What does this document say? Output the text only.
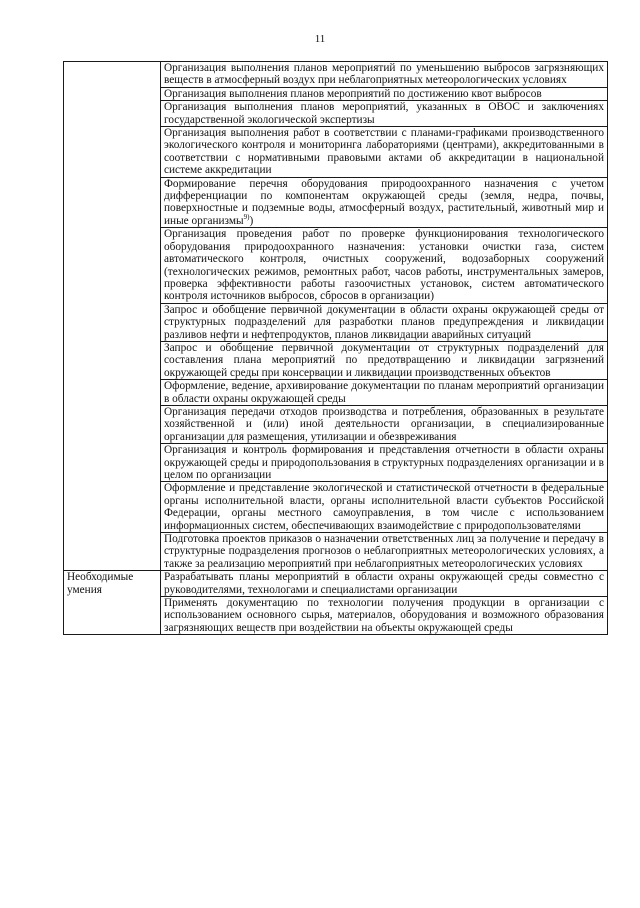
11
	Организация выполнения планов мероприятий по уменьшению выбросов загрязняющих веществ в атмосферный воздух при неблагоприятных метеорологических условиях
	Организация выполнения планов мероприятий по достижению квот выбросов
	Организация выполнения планов мероприятий, указанных в ОВОС и заключениях государственной экологической экспертизы
	Организация выполнения работ в соответствии с планами-графиками производственного экологического контроля и мониторинга лабораториями (центрами), аккредитованными в соответствии с нормативными правовыми актами об аккредитации в национальной системе аккредитации
	Формирование перечня оборудования природоохранного назначения с учетом дифференциации по компонентам окружающей среды (земля, недра, почвы, поверхностные и подземные воды, атмосферный воздух, растительный, животный мир и иные организмы$^{9)}$)
	Организация проведения работ по проверке функционирования технологического оборудования природоохранного назначения: установки очистки газа, систем автоматического контроля, очистных сооружений, водозаборных сооружений (технологических режимов, ремонтных работ, часов работы, инструментальных замеров, проверка эффективности работы газоочистных установок, систем автоматического контроля источников выбросов, сбросов в организации)
	Запрос и обобщение первичной документации в области охраны окружающей среды от структурных подразделений для разработки планов предупреждения и ликвидации разливов нефти и нефтепродуктов, планов ликвидации аварийных ситуаций
	Запрос и обобщение первичной документации от структурных подразделений для составления плана мероприятий по предотвращению и ликвидации загрязнений окружающей среды при консервации и ликвидации производственных объектов
	Оформление, ведение, архивирование документации по планам мероприятий организации в области охраны окружающей среды
	Организация передачи отходов производства и потребления, образованных в результате хозяйственной и (или) иной деятельности организации, в специализированные организации для размещения, утилизации и обезвреживания
	Организация и контроль формирования и представления отчетности в области охраны окружающей среды и природопользования в структурных подразделениях организации и в целом по организации
	Оформление и представление экологической и статистической отчетности в федеральные органы исполнительной власти, органы исполнительной власти субъектов Российской Федерации, органы местного самоуправления, в том числе с использованием информационных систем, обеспечивающих взаимодействие с природопользователями
	Подготовка проектов приказов о назначении ответственных лиц за получение и передачу в структурные подразделения прогнозов о неблагоприятных метеорологических условиях, а также за реализацию мероприятий при неблагоприятных метеорологических условиях
Необходимые умения	Разрабатывать планы мероприятий в области охраны окружающей среды совместно с руководителями, технологами и специалистами организации
	Применять документацию по технологии получения продукции в организации с использованием основного сырья, материалов, оборудования и возможного образования загрязняющих веществ при воздействии на объекты окружающей среды
